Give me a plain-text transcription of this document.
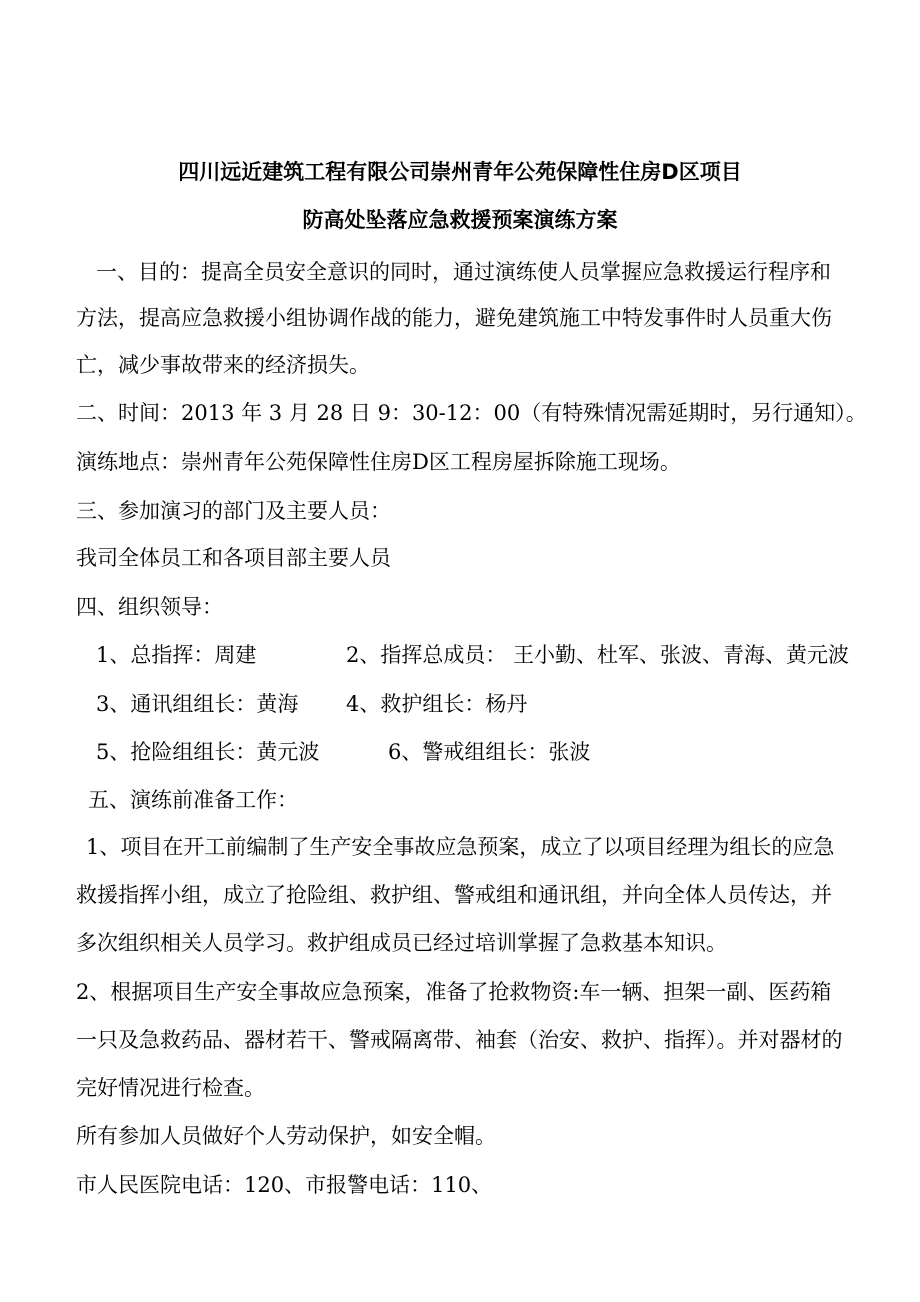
四川远近建筑工程有限公司崇州青年公苑保障性住房D区项目
防高处坠落应急救援预案演练方案
一、目的：提高全员安全意识的同时，通过演练使人员掌握应急救援运行程序和
方法，提高应急救援小组协调作战的能力，避免建筑施工中特发事件时人员重大伤
亡，减少事故带来的经济损失。
二、时间：2013 年 3 月 28 日 9：30-12：00（有特殊情况需延期时，另行通知）。
演练地点：崇州青年公苑保障性住房D区工程房屋拆除施工现场。
三、参加演习的部门及主要人员：
我司全体员工和各项目部主要人员
四、组织领导：
1、总指挥：周建	2、指挥总成员： 王小勤、杜军、张波、青海、黄元波
3、通讯组组长：黄海 4、救护组长：杨丹
5、抢险组组长：黄元波	6、警戒组组长：张波
五、演练前准备工作：
1、项目在开工前编制了生产安全事故应急预案，成立了以项目经理为组长的应急
救援指挥小组，成立了抢险组、救护组、警戒组和通讯组，并向全体人员传达，并
多次组织相关人员学习。救护组成员已经过培训掌握了急救基本知识。
2、根据项目生产安全事故应急预案，准备了抢救物资:车一辆、担架一副、医药箱
一只及急救药品、器材若干、警戒隔离带、袖套（治安、救护、指挥）。并对器材的
完好情况进行检查。
所有参加人员做好个人劳动保护，如安全帽。
市人民医院电话：120、市报警电话：110、
